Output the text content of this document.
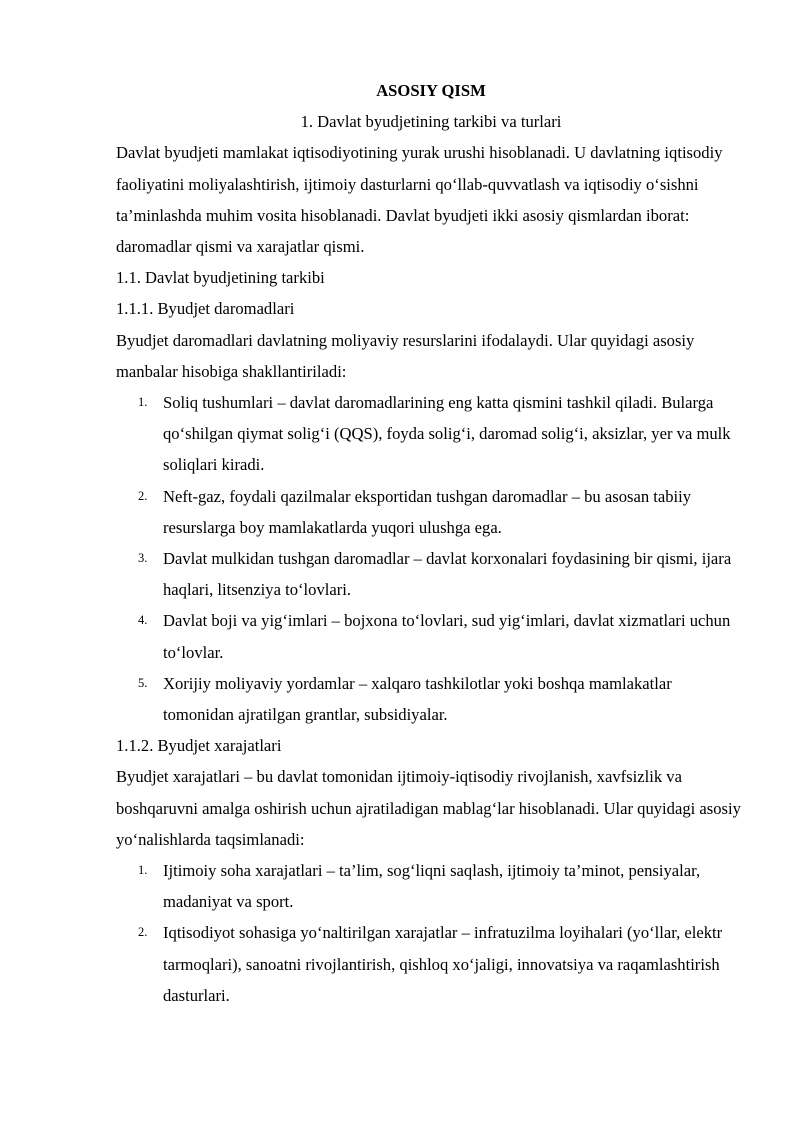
ASOSIY QISM

1. Davlat byudjetining tarkibi va turlari

Davlat byudjeti mamlakat iqtisodiyotining yurak urushi hisoblanadi. U davlatning iqtisodiy faoliyatini moliyalashtirish, ijtimoiy dasturlarni qo‘llab-quvvatlash va iqtisodiy o‘sishni ta’minlashda muhim vosita hisoblanadi. Davlat byudjeti ikki asosiy qismlardan iborat: daromadlar qismi va xarajatlar qismi.

1.1. Davlat byudjetining tarkibi

1.1.1. Byudjet daromadlari

Byudjet daromadlari davlatning moliyaviy resurslarini ifodalaydi. Ular quyidagi asosiy manbalar hisobiga shakllantiriladi:

1. Soliq tushumlari – davlat daromadlarining eng katta qismini tashkil qiladi. Bularga qo‘shilgan qiymat solig‘i (QQS), foyda solig‘i, daromad solig‘i, aksizlar, yer va mulk soliqlari kiradi.
2. Neft-gaz, foydali qazilmalar eksportidan tushgan daromadlar – bu asosan tabiiy resurslarga boy mamlakatlarda yuqori ulushga ega.
3. Davlat mulkidan tushgan daromadlar – davlat korxonalari foydasining bir qismi, ijara haqlari, litsenziya to‘lovlari.
4. Davlat boji va yig‘imlari – bojxona to‘lovlari, sud yig‘imlari, davlat xizmatlari uchun to‘lovlar.
5. Xorijiy moliyaviy yordamlar – xalqaro tashkilotlar yoki boshqa mamlakatlar tomonidan ajratilgan grantlar, subsidiyalar.

1.1.2. Byudjet xarajatlari

Byudjet xarajatlari – bu davlat tomonidan ijtimoiy-iqtisodiy rivojlanish, xavfsizlik va boshqaruvni amalga oshirish uchun ajratiladigan mablag‘lar hisoblanadi. Ular quyidagi asosiy yo‘nalishlarda taqsimlanadi:

1. Ijtimoiy soha xarajatlari – ta’lim, sog‘liqni saqlash, ijtimoiy ta’minot, pensiyalar, madaniyat va sport.
2. Iqtisodiyot sohasiga yo‘naltirilgan xarajatlar – infratuzilma loyihalari (yo‘llar, elektr tarmoqlari), sanoatni rivojlantirish, qishloq xo‘jaligi, innovatsiya va raqamlashtirish dasturlari.
